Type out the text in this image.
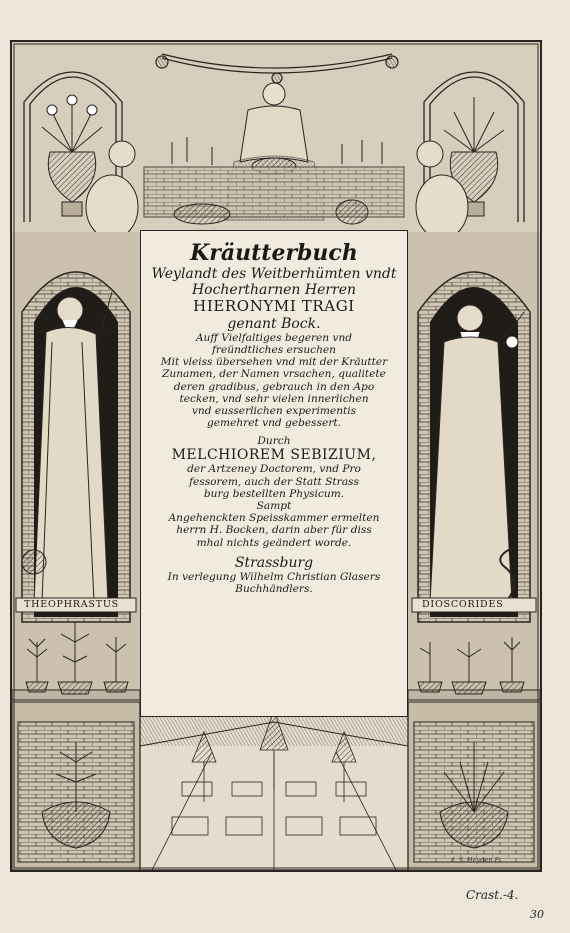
THEOPHRASTUS	DIOSCORIDES
I. S. Heyden F.
Kräutterbuch
Weylandt des Weitberhümten vndt
Hochertharnen Herren
HIERONYMI TRAGI
genant Bock.
Auff Vielfaltiges begeren vnd
freündtliches ersuchen
Mit vleiss übersehen vnd mit der Kräutter
Zunamen, der Namen vrsachen, qualitete
deren gradibus, gebrauch in den Apo
tecken, vnd sehr vielen innerlichen
vnd eusserlichen experimentis
gemehret vnd gebessert.
Durch
MELCHIOREM SEBIZIUM,
der Artzeney Doctorem, vnd Pro
fessorem, auch der Statt Strass
burg bestellten Physicum.
Sampt
Angehenckten Speisskammer ermelten
herrn H. Bocken, darin aber für diss
mhal nichts geändert worde.
Strassburg
In verlegung Wilhelm Christian Glasers
Buchhändlers.
Crast.-4.
30
